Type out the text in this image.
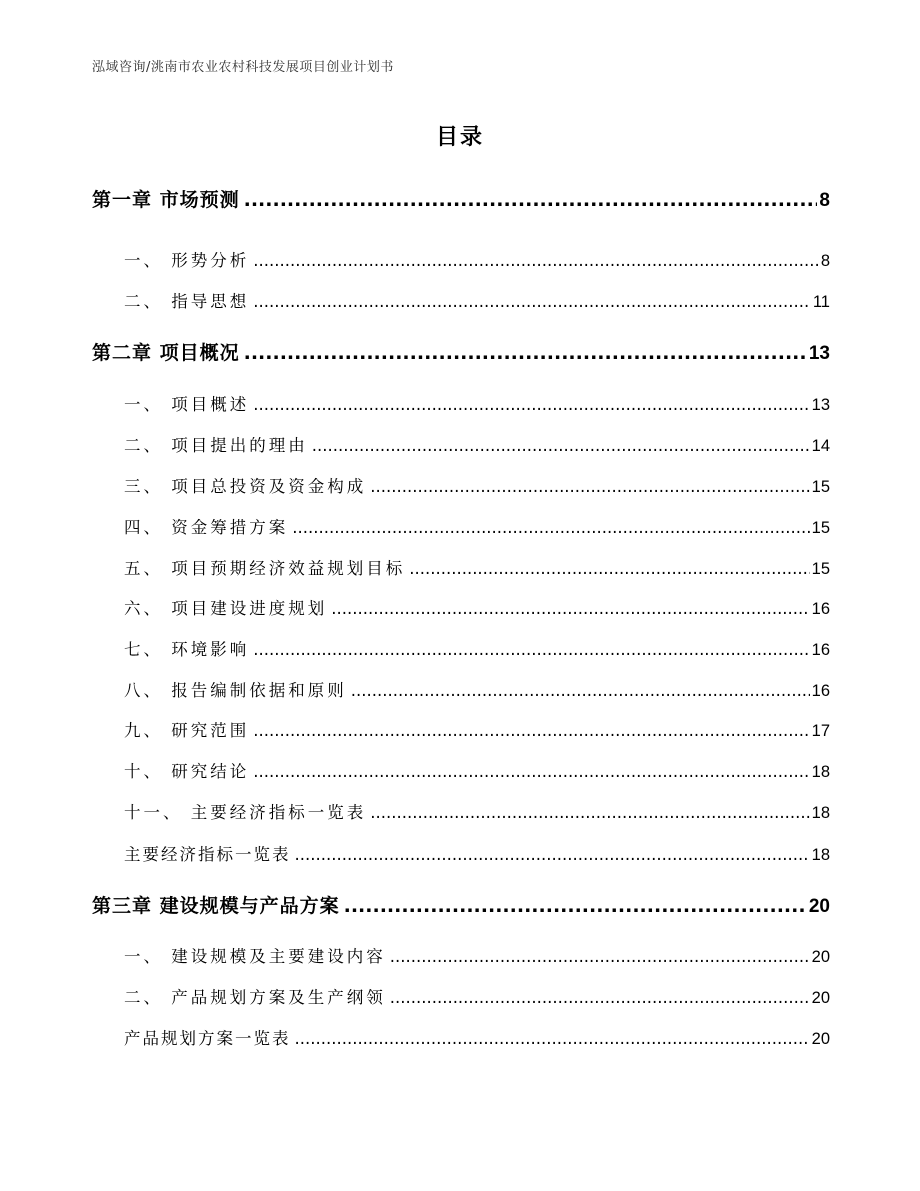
泓域咨询/洮南市农业农村科技发展项目创业计划书
目录
第一章 市场预测 .....	8
一、 形势分析 .....	8
二、 指导思想 .....	11
第二章 项目概况 .....	13
一、 项目概述 .....	13
二、 项目提出的理由 .....	14
三、 项目总投资及资金构成 .....	15
四、 资金筹措方案 .....	15
五、 项目预期经济效益规划目标 .....	15
六、 项目建设进度规划 .....	16
七、 环境影响 .....	16
八、 报告编制依据和原则 .....	16
九、 研究范围 .....	17
十、 研究结论 .....	18
十一、 主要经济指标一览表 .....	18
主要经济指标一览表 .....	18
第三章 建设规模与产品方案 .....	20
一、 建设规模及主要建设内容 .....	20
二、 产品规划方案及生产纲领 .....	20
产品规划方案一览表 .....	20
